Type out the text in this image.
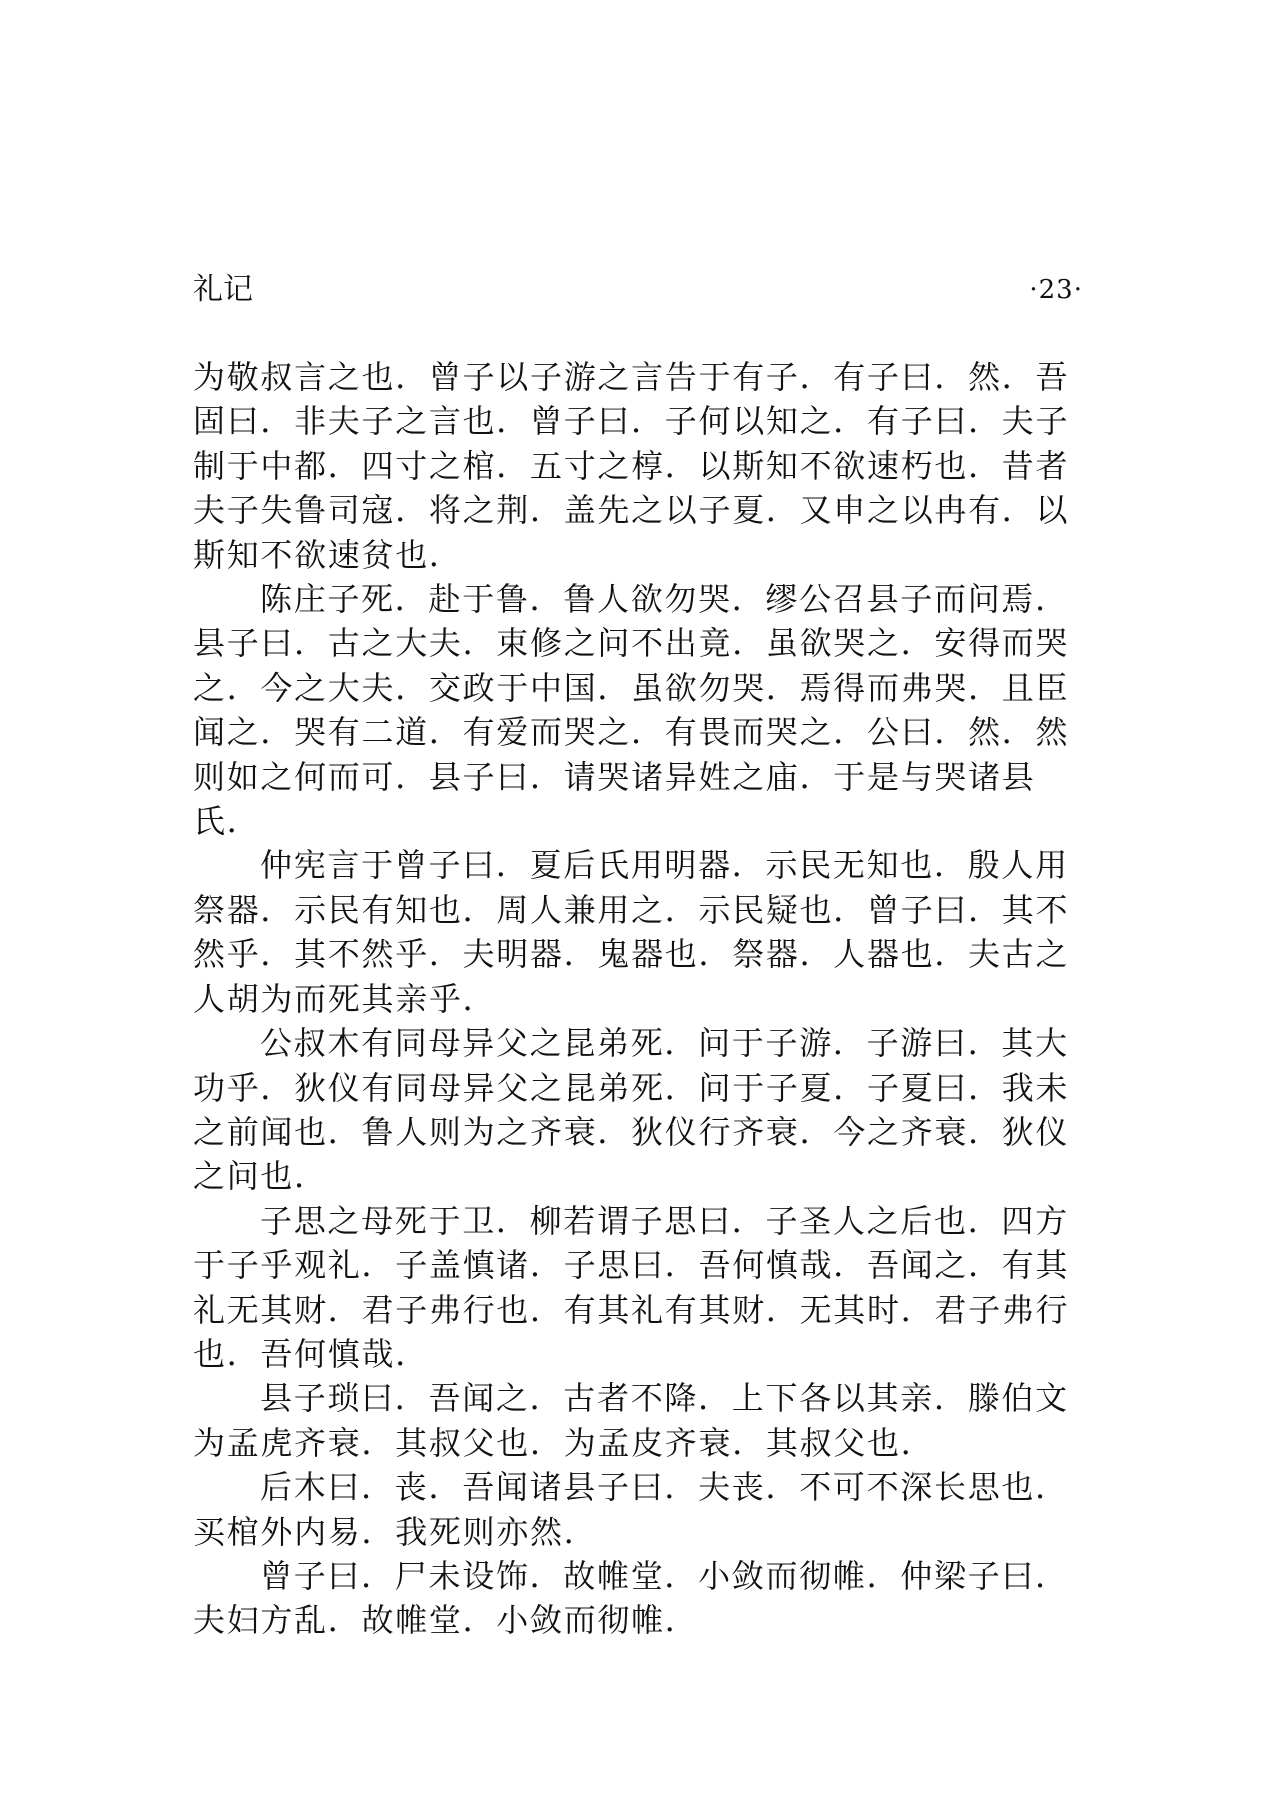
礼记	·23·

为敬叔言之也．曾子以子游之言告于有子．有子曰．然．吾固曰．非夫子之言也．曾子曰．子何以知之．有子曰．夫子制于中都．四寸之棺．五寸之椁．以斯知不欲速朽也．昔者夫子失鲁司寇．将之荆．盖先之以子夏．又申之以冉有．以斯知不欲速贫也．

陈庄子死．赴于鲁．鲁人欲勿哭．缪公召县子而问焉．县子曰．古之大夫．束修之问不出竟．虽欲哭之．安得而哭之．今之大夫．交政于中国．虽欲勿哭．焉得而弗哭．且臣闻之．哭有二道．有爱而哭之．有畏而哭之．公曰．然．然则如之何而可．县子曰．请哭诸异姓之庙．于是与哭诸县氏．

仲宪言于曾子曰．夏后氏用明器．示民无知也．殷人用祭器．示民有知也．周人兼用之．示民疑也．曾子曰．其不然乎．其不然乎．夫明器．鬼器也．祭器．人器也．夫古之人胡为而死其亲乎．

公叔木有同母异父之昆弟死．问于子游．子游曰．其大功乎．狄仪有同母异父之昆弟死．问于子夏．子夏曰．我未之前闻也．鲁人则为之齐衰．狄仪行齐衰．今之齐衰．狄仪之问也．

子思之母死于卫．柳若谓子思曰．子圣人之后也．四方于子乎观礼．子盖慎诸．子思曰．吾何慎哉．吾闻之．有其礼无其财．君子弗行也．有其礼有其财．无其时．君子弗行也．吾何慎哉．

县子琐曰．吾闻之．古者不降．上下各以其亲．滕伯文为孟虎齐衰．其叔父也．为孟皮齐衰．其叔父也．

后木曰．丧．吾闻诸县子曰．夫丧．不可不深长思也．买棺外内易．我死则亦然．

曾子曰．尸未设饰．故帷堂．小敛而彻帷．仲梁子曰．夫妇方乱．故帷堂．小敛而彻帷．
